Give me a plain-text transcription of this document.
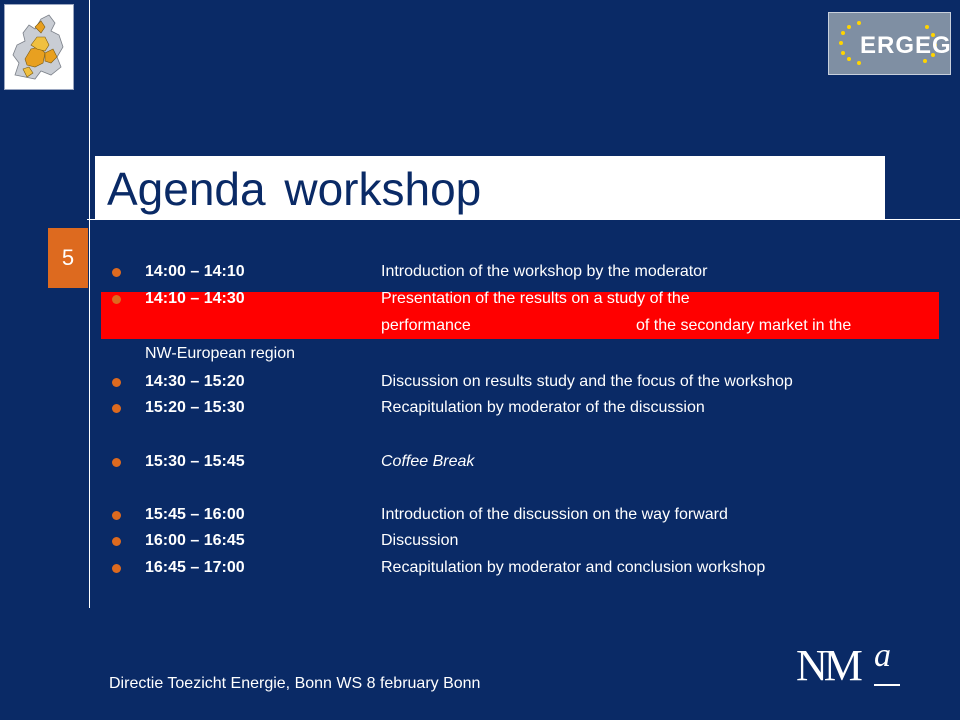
ERGEG
Agenda workshop
5
14:00 – 14:10	Introduction of the workshop by the moderator
14:10 – 14:30	Presentation of the results on a study of the
performance	of the secondary market in the
NW-European region
14:30 – 15:20	Discussion on results study and the focus of the workshop
15:20 – 15:30	Recapitulation by moderator of the discussion
15:30 – 15:45	Coffee Break
15:45 – 16:00	Introduction of the discussion on the way forward
16:00 – 16:45	Discussion
16:45 – 17:00	Recapitulation by moderator and conclusion workshop
Directie Toezicht Energie, Bonn WS 8 february Bonn	NM a
